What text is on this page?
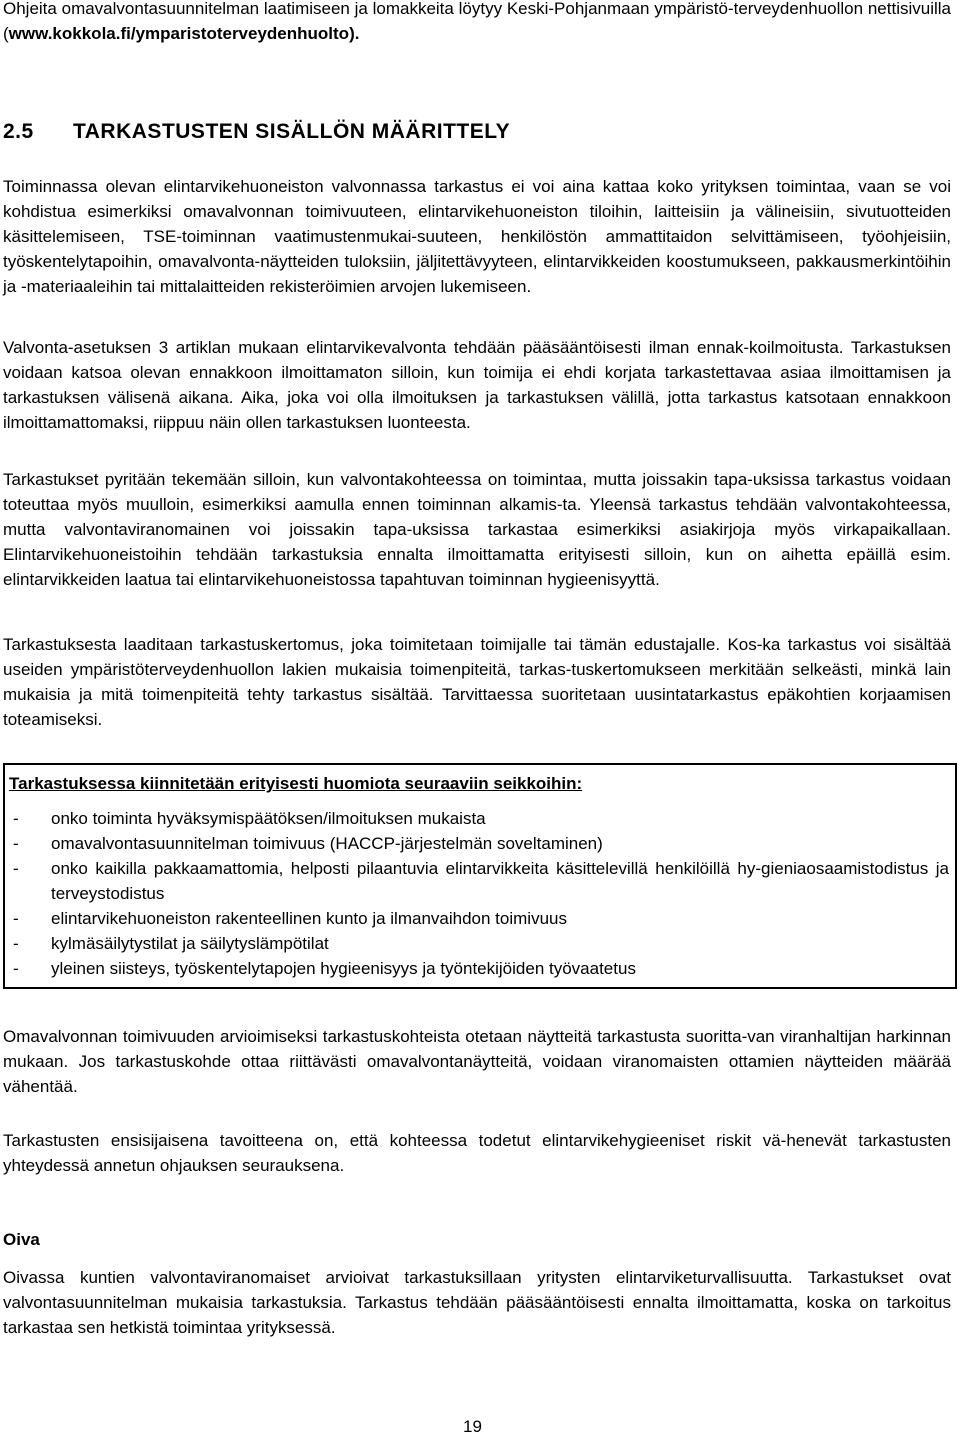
Ohjeita omavalvontasuunnitelman laatimiseen ja lomakkeita löytyy Keski-Pohjanmaan ympäristö-terveydenhuollon nettisivuilla (www.kokkola.fi/ymparistoterveydenhuolto).

2.5 TARKASTUSTEN SISÄLLÖN MÄÄRITTELY

Toiminnassa olevan elintarvikehuoneiston valvonnassa tarkastus ei voi aina kattaa koko yrityksen toimintaa, vaan se voi kohdistua esimerkiksi omavalvonnan toimivuuteen, elintarvikehuoneiston tiloihin, laitteisiin ja välineisiin, sivutuotteiden käsittelemiseen, TSE-toiminnan vaatimustenmukai-suuteen, henkilöstön ammattitaidon selvittämiseen, työohjeisiin, työskentelytapoihin, omavalvonta-näytteiden tuloksiin, jäljitettävyyteen, elintarvikkeiden koostumukseen, pakkausmerkintöihin ja -materiaaleihin tai mittalaitteiden rekisteröimien arvojen lukemiseen.

Valvonta-asetuksen 3 artiklan mukaan elintarvikevalvonta tehdään pääsääntöisesti ilman ennak-koilmoitusta. Tarkastuksen voidaan katsoa olevan ennakkoon ilmoittamaton silloin, kun toimija ei ehdi korjata tarkastettavaa asiaa ilmoittamisen ja tarkastuksen välisenä aikana. Aika, joka voi olla ilmoituksen ja tarkastuksen välillä, jotta tarkastus katsotaan ennakkoon ilmoittamattomaksi, riippuu näin ollen tarkastuksen luonteesta.

Tarkastukset pyritään tekemään silloin, kun valvontakohteessa on toimintaa, mutta joissakin tapa-uksissa tarkastus voidaan toteuttaa myös muulloin, esimerkiksi aamulla ennen toiminnan alkamis-ta. Yleensä tarkastus tehdään valvontakohteessa, mutta valvontaviranomainen voi joissakin tapa-uksissa tarkastaa esimerkiksi asiakirjoja myös virkapaikallaan. Elintarvikehuoneistoihin tehdään tarkastuksia ennalta ilmoittamatta erityisesti silloin, kun on aihetta epäillä esim. elintarvikkeiden laatua tai elintarvikehuoneistossa tapahtuvan toiminnan hygieenisyyttä.

Tarkastuksesta laaditaan tarkastuskertomus, joka toimitetaan toimijalle tai tämän edustajalle. Kos-ka tarkastus voi sisältää useiden ympäristöterveydenhuollon lakien mukaisia toimenpiteitä, tarkas-tuskertomukseen merkitään selkeästi, minkä lain mukaisia ja mitä toimenpiteitä tehty tarkastus sisältää. Tarvittaessa suoritetaan uusintatarkastus epäkohtien korjaamisen toteamiseksi.

Tarkastuksessa kiinnitetään erityisesti huomiota seuraaviin seikkoihin:

- onko toiminta hyväksymispäätöksen/ilmoituksen mukaista
- omavalvontasuunnitelman toimivuus (HACCP-järjestelmän soveltaminen)
- onko kaikilla pakkaamattomia, helposti pilaantuvia elintarvikkeita käsittelevillä henkilöillä hy-gieniaosaamistodistus ja terveystodistus
- elintarvikehuoneiston rakenteellinen kunto ja ilmanvaihdon toimivuus
- kylmäsäilytystilat ja säilytyslämpötilat
- yleinen siisteys, työskentelytapojen hygieenisyys ja työntekijöiden työvaatetus

Omavalvonnan toimivuuden arvioimiseksi tarkastuskohteista otetaan näytteitä tarkastusta suoritta-van viranhaltijan harkinnan mukaan. Jos tarkastuskohde ottaa riittävästi omavalvontanäytteitä, voidaan viranomaisten ottamien näytteiden määrää vähentää.

Tarkastusten ensisijaisena tavoitteena on, että kohteessa todetut elintarvikehygieeniset riskit vä-henevät tarkastusten yhteydessä annetun ohjauksen seurauksena.

Oiva

Oivassa kuntien valvontaviranomaiset arvioivat tarkastuksillaan yritysten elintarviketurvallisuutta. Tarkastukset ovat valvontasuunnitelman mukaisia tarkastuksia. Tarkastus tehdään pääsääntöisesti ennalta ilmoittamatta, koska on tarkoitus tarkastaa sen hetkistä toimintaa yrityksessä.

19
